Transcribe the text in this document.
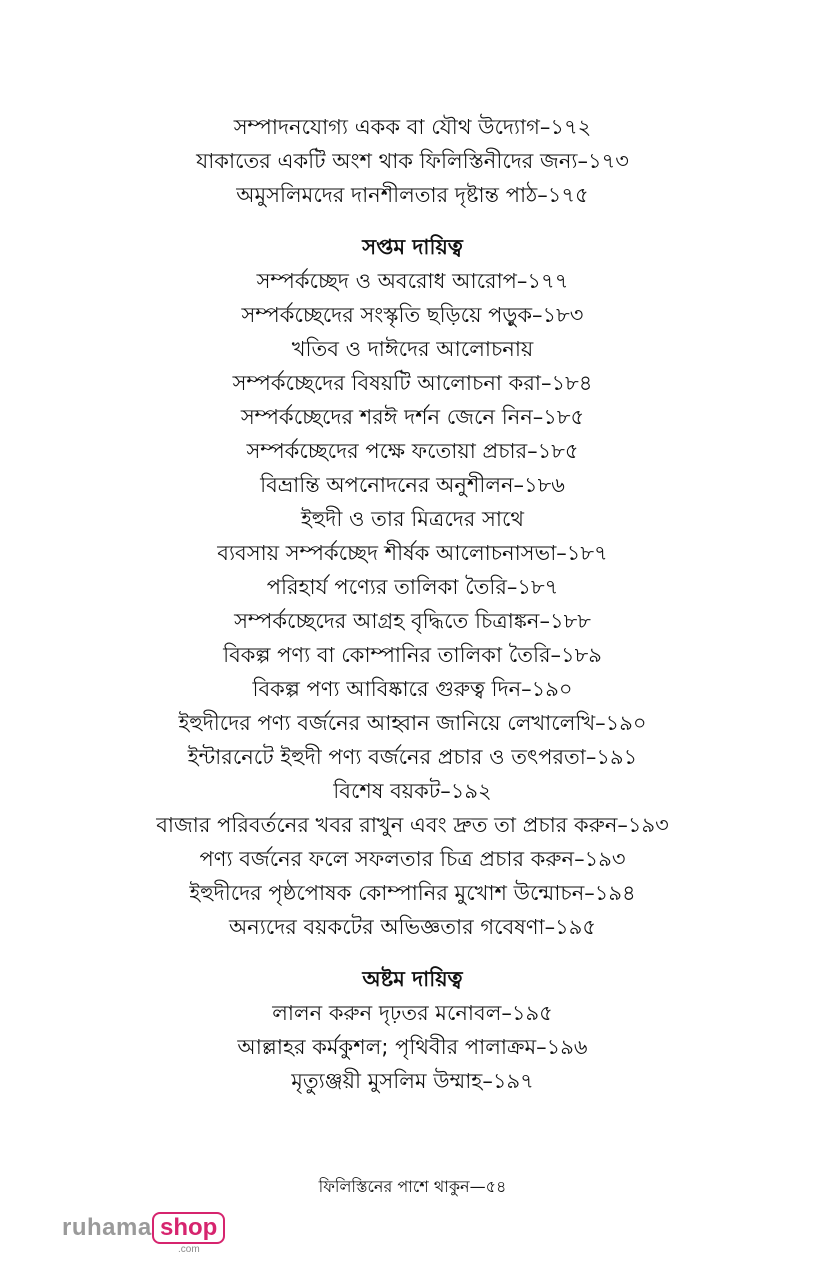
সম্পাদনযোগ্য একক বা যৌথ উদ্যোগ–১৭২
যাকাতের একটি অংশ থাক ফিলিস্তিনীদের জন্য–১৭৩
অমুসলিমদের দানশীলতার দৃষ্টান্ত পাঠ–১৭৫
সপ্তম দায়িত্ব
সম্পর্কচ্ছেদ ও অবরোধ আরোপ–১৭৭
সম্পর্কচ্ছেদের সংস্কৃতি ছড়িয়ে পড়ুক–১৮৩
খতিব ও দাঈদের আলোচনায়
সম্পর্কচ্ছেদের বিষয়টি আলোচনা করা–১৮৪
সম্পর্কচ্ছেদের শরঈ দর্শন জেনে নিন–১৮৫
সম্পর্কচ্ছেদের পক্ষে ফতোয়া প্রচার–১৮৫
বিভ্রান্তি অপনোদনের অনুশীলন–১৮৬
ইহুদী ও তার মিত্রদের সাথে
ব্যবসায় সম্পর্কচ্ছেদ শীর্ষক আলোচনাসভা–১৮৭
পরিহার্য পণ্যের তালিকা তৈরি–১৮৭
সম্পর্কচ্ছেদের আগ্রহ বৃদ্ধিতে চিত্রাঙ্কন–১৮৮
বিকল্প পণ্য বা কোম্পানির তালিকা তৈরি–১৮৯
বিকল্প পণ্য আবিষ্কারে গুরুত্ব দিন–১৯০
ইহুদীদের পণ্য বর্জনের আহ্বান জানিয়ে লেখালেখি–১৯০
ইন্টারনেটে ইহুদী পণ্য বর্জনের প্রচার ও তৎপরতা–১৯১
বিশেষ বয়কট–১৯২
বাজার পরিবর্তনের খবর রাখুন এবং দ্রুত তা প্রচার করুন–১৯৩
পণ্য বর্জনের ফলে সফলতার চিত্র প্রচার করুন–১৯৩
ইহুদীদের পৃষ্ঠপোষক কোম্পানির মুখোশ উন্মোচন–১৯৪
অন্যদের বয়কটের অভিজ্ঞতার গবেষণা–১৯৫
অষ্টম দায়িত্ব
লালন করুন দৃঢ়তর মনোবল–১৯৫
আল্লাহর কর্মকুশল; পৃথিবীর পালাক্রম–১৯৬
মৃত্যুঞ্জয়ী মুসলিম উম্মাহ–১৯৭
ফিলিস্তিনের পাশে থাকুন—৫৪
ruhama shop
.com
